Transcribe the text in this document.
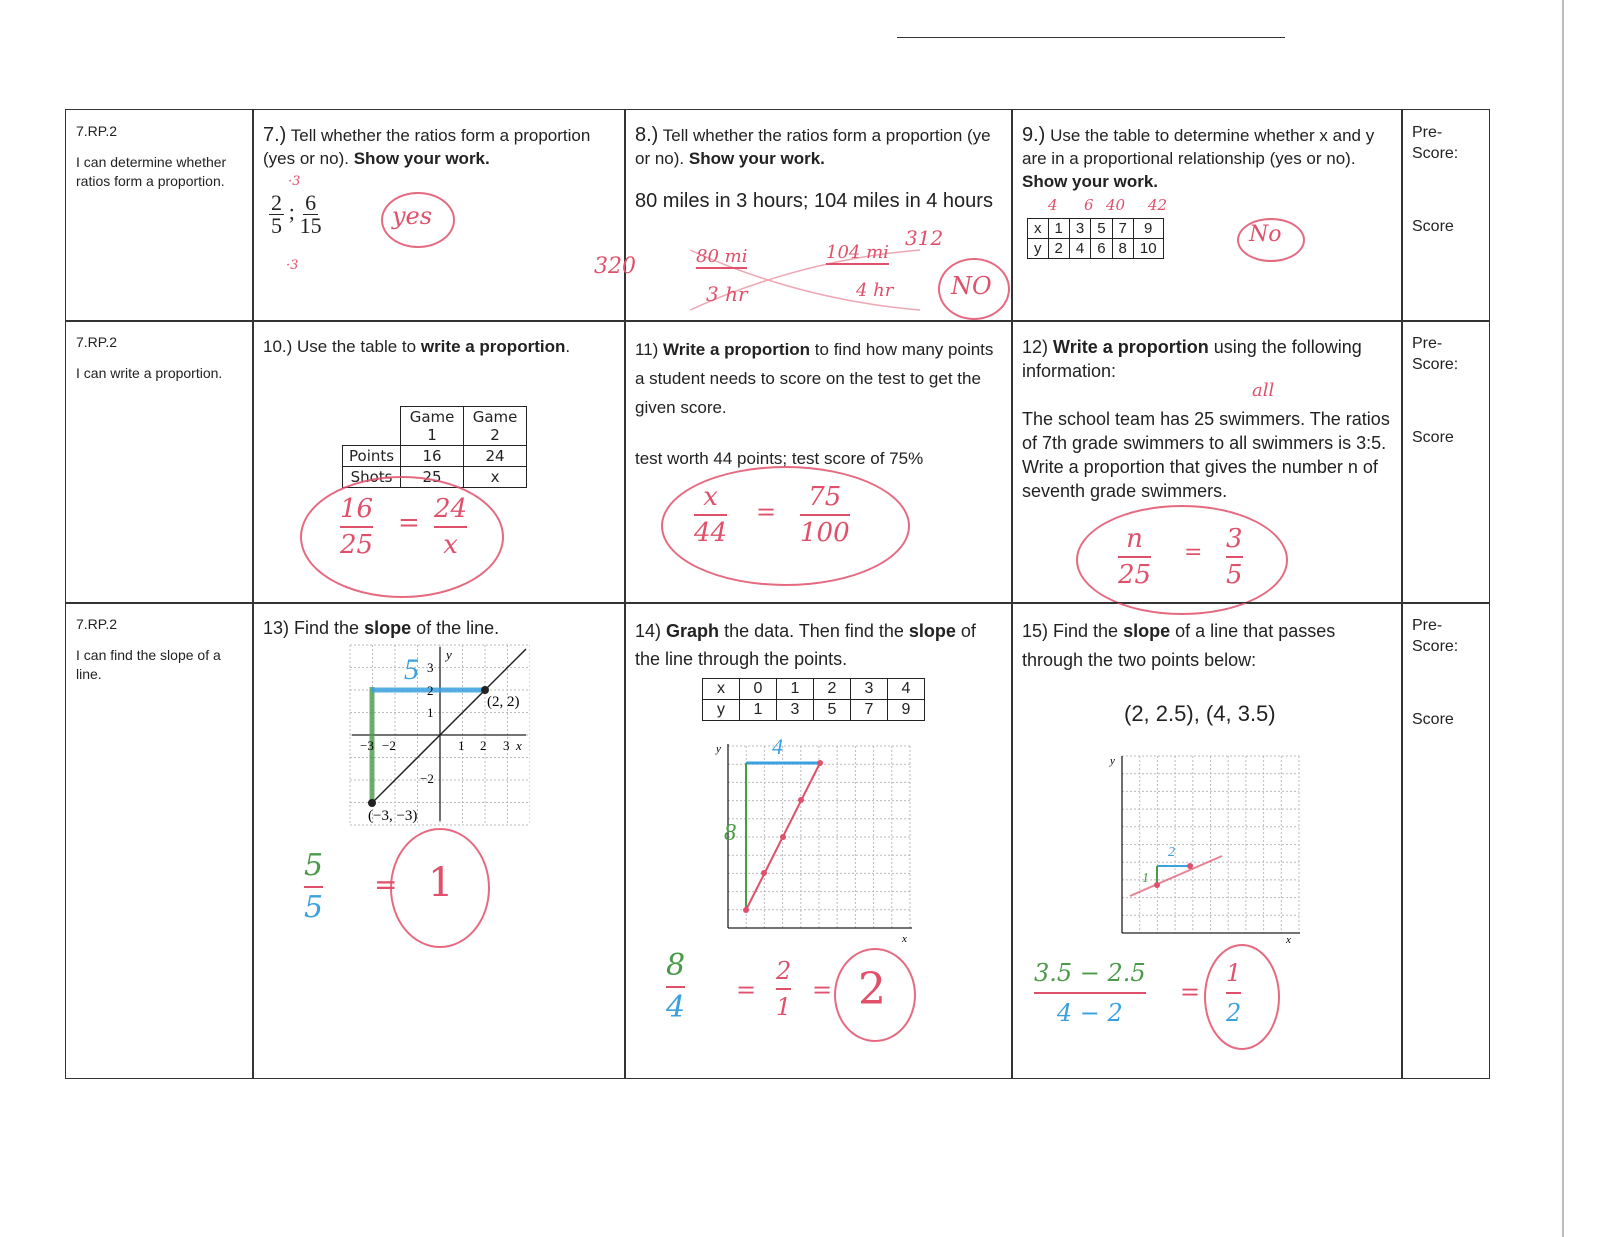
7.RP.2
I can determine whether ratios form a proportion.
7.) Tell whether the ratios form a proportion (yes or no). Show your work.
$\frac{2}{5}$ ; $\frac{6}{15}$
·3
·3
yes
8.) Tell whether the ratios form a proportion (ye or no). Show your work.
80 miles in 3 hours; 104 miles in 4 hours
320
312
80 mi
3 hr
104 mi
4 hr NO
9.) Use the table to determine whether x and y are in a proportional relationship (yes or no). Show your work.
4 6 40 42
x	1	3	5	7	9
y	2	4	6	8	10
No
Pre-Score:
Score
7.RP.2
I can write a proportion.
10.) Use the table to write a proportion.
	Game 1	Game 2
Points	16	24
Shots	25	x
16
25
= 24
x
11) Write a proportion to find how many points a student needs to score on the test to get the given score.
test worth 44 points; test score of 75%
x
44
= 75
100
12) Write a proportion using the following information:
The school team has 25 swimmers. The ratios of 7th grade swimmers to all swimmers is 3:5. Write a proportion that gives the number n of seventh grade swimmers.
all
n
25
= 3
5
Pre-Score:
Score
7.RP.2
I can find the slope of a line.
13) Find the slope of the line.
−3 −2	1 2 3 x
3
2
1
−2
y
(2, 2)
(−3, −3)
5
5
5
= 1
14) Graph the data. Then find the slope of the line through the points.
x	0	1	2	3	4
y	1	3	5	7	9
y
x
4
8
8
4 =
2
1
= 2
15) Find the slope of a line that passes through the two points below:
(2, 2.5), (4, 3.5)
y
x
2
1
3.5 − 2.5
4 − 2
=
1
2
Pre-Score:
Score
